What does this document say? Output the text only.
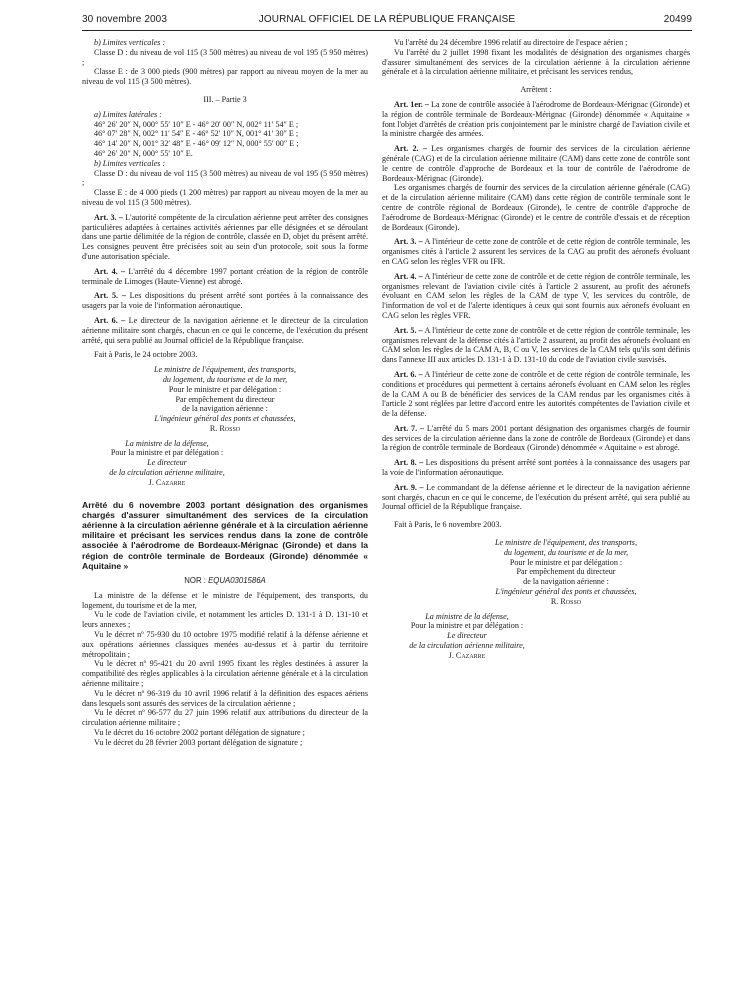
30 novembre 2003	JOURNAL OFFICIEL DE LA RÉPUBLIQUE FRANÇAISE	20499

b) Limites verticales :

Classe D : du niveau de vol 115 (3 500 mètres) au niveau de vol 195 (5 950 mètres) ;

Classe E : de 3 000 pieds (900 mètres) par rapport au niveau moyen de la mer au niveau de vol 115 (3 500 mètres).

III. – Partie 3

a) Limites latérales :

46° 26′ 20″ N, 000° 55′ 10″ E - 46° 20′ 00″ N, 002° 11′ 54″ E ;

46° 07′ 28″ N, 002° 11′ 54″ E - 46° 52′ 10″ N, 001° 41′ 30″ E ;

46° 14′ 20″ N, 001° 32′ 48″ E - 46° 09′ 12″ N, 000° 55′ 00″ E ;

46° 26′ 20″ N, 000° 55′ 10″ E.

b) Limites verticales :

Classe D : du niveau de vol 115 (3 500 mètres) au niveau de vol 195 (5 950 mètres) ;

Classe E : de 4 000 pieds (1 200 mètres) par rapport au niveau moyen de la mer au niveau de vol 115 (3 500 mètres).

Art. 3. – L'autorité compétente de la circulation aérienne peut arrêter des consignes particulières adaptées à certaines activités aériennes par elle désignées et se déroulant dans une partie délimitée de la région de contrôle, classée en D, objet du présent arrêté. Les consignes peuvent être précisées soit au sein d'un protocole, soit sous la forme d'une autorisation spéciale.

Art. 4. – L'arrêté du 4 décembre 1997 portant création de la région de contrôle terminale de Limoges (Haute-Vienne) est abrogé.

Art. 5. – Les dispositions du présent arrêté sont portées à la connaissance des usagers par la voie de l'information aéronautique.

Art. 6. – Le directeur de la navigation aérienne et le directeur de la circulation aérienne militaire sont chargés, chacun en ce qui le concerne, de l'exécution du présent arrêté, qui sera publié au Journal officiel de la République française.

Fait à Paris, le 24 octobre 2003.

Le ministre de l'équipement, des transports,

du logement, du tourisme et de la mer,

Pour le ministre et par délégation :

Par empêchement du directeur

de la navigation aérienne :

L'ingénieur général des ponts et chaussées,

R. Rosso

La ministre de la défense,

Pour la ministre et par délégation :

Le directeur

de la circulation aérienne militaire,

J. Cazarre

Arrêté du 6 novembre 2003 portant désignation des organismes chargés d'assurer simultanément des services de la circulation aérienne à la circulation aérienne générale et à la circulation aérienne militaire et précisant les services rendus dans la zone de contrôle associée à l'aérodrome de Bordeaux-Mérignac (Gironde) et dans la région de contrôle terminale de Bordeaux (Gironde) dénommée « Aquitaine »

NOR : EQUA0301586A

La ministre de la défense et le ministre de l'équipement, des transports, du logement, du tourisme et de la mer,

Vu le code de l'aviation civile, et notamment les articles D. 131-1 à D. 131-10 et leurs annexes ;

Vu le décret nº 75-930 du 10 octobre 1975 modifié relatif à la défense aérienne et aux opérations aériennes classiques menées au-dessus et à partir du territoire métropolitain ;

Vu le décret nº 95-421 du 20 avril 1995 fixant les règles destinées à assurer la compatibilité des règles applicables à la circulation aérienne générale et à la circulation aérienne militaire ;

Vu le décret nº 96-319 du 10 avril 1996 relatif à la définition des espaces aériens dans lesquels sont assurés des services de la circulation aérienne ;

Vu le décret nº 96-577 du 27 juin 1996 relatif aux attributions du directeur de la circulation aérienne militaire ;

Vu le décret du 16 octobre 2002 portant délégation de signature ;

Vu le décret du 28 février 2003 portant délégation de signature ;

Vu l'arrêté du 24 décembre 1996 relatif au directoire de l'espace aérien ;

Vu l'arrêté du 2 juillet 1998 fixant les modalités de désignation des organismes chargés d'assurer simultanément des services de la circulation aérienne à la circulation aérienne générale et à la circulation aérienne militaire, et précisant les services rendus,

Arrêtent :

Art. 1er. – La zone de contrôle associée à l'aérodrome de Bordeaux-Mérignac (Gironde) et la région de contrôle terminale de Bordeaux-Mérignac (Gironde) dénommée « Aquitaine » font l'objet d'arrêtés de création pris conjointement par le ministre chargé de l'aviation civile et la ministre chargée des armées.

Art. 2. – Les organismes chargés de fournir des services de la circulation aérienne générale (CAG) et de la circulation aérienne militaire (CAM) dans cette zone de contrôle sont le centre de contrôle d'approche de Bordeaux et la tour de contrôle de l'aérodrome de Bordeaux-Mérignac (Gironde).

Les organismes chargés de fournir des services de la circulation aérienne générale (CAG) et de la circulation aérienne militaire (CAM) dans cette région de contrôle terminale sont le centre de contrôle régional de Bordeaux (Gironde), le centre de contrôle d'approche de l'aérodrome de Bordeaux-Mérignac (Gironde) et le centre de contrôle d'essais et de réception de Bordeaux (Gironde).

Art. 3. – A l'intérieur de cette zone de contrôle et de cette région de contrôle terminale, les organismes cités à l'article 2 assurent les services de la CAG au profit des aéronefs évoluant en CAG selon les règles VFR ou IFR.

Art. 4. – A l'intérieur de cette zone de contrôle et de cette région de contrôle terminale, les organismes relevant de l'aviation civile cités à l'article 2 assurent, au profit des aéronefs évoluant en CAM selon les règles de la CAM de type V, les services du contrôle, de l'information de vol et de l'alerte identiques à ceux qui sont fournis aux aéronefs évoluant en CAG selon les règles VFR.

Art. 5. – A l'intérieur de cette zone de contrôle et de cette région de contrôle terminale, les organismes relevant de la défense cités à l'article 2 assurent, au profit des aéronefs évoluant en CAM selon les règles de la CAM A, B, C ou V, les services de la CAM tels qu'ils sont définis dans l'annexe III aux articles D. 131-1 à D. 131-10 du code de l'aviation civile susvisés.

Art. 6. – A l'intérieur de cette zone de contrôle et de cette région de contrôle terminale, les conditions et procédures qui permettent à certains aéronefs évoluant en CAM selon les règles de la CAM A ou B de bénéficier des services de la CAM rendus par les organismes cités à l'article 2 sont réglées par lettre d'accord entre les autorités compétentes de l'aviation civile et de la défense.

Art. 7. – L'arrêté du 5 mars 2001 portant désignation des organismes chargés de fournir des services de la circulation aérienne dans la zone de contrôle de Bordeaux (Gironde) et dans la région de contrôle terminale de Bordeaux (Gironde) dénommée « Aquitaine » est abrogé.

Art. 8. – Les dispositions du présent arrêté sont portées à la connaissance des usagers par la voie de l'information aéronautique.

Art. 9. – Le commandant de la défense aérienne et le directeur de la navigation aérienne sont chargés, chacun en ce qui le concerne, de l'exécution du présent arrêté, qui sera publié au Journal officiel de la République française.

Fait à Paris, le 6 novembre 2003.

Le ministre de l'équipement, des transports,

du logement, du tourisme et de la mer,

Pour le ministre et par délégation :

Par empêchement du directeur

de la navigation aérienne :

L'ingénieur général des ponts et chaussées,

R. Rosso

La ministre de la défense,

Pour la ministre et par délégation :

Le directeur

de la circulation aérienne militaire,

J. Cazarre
